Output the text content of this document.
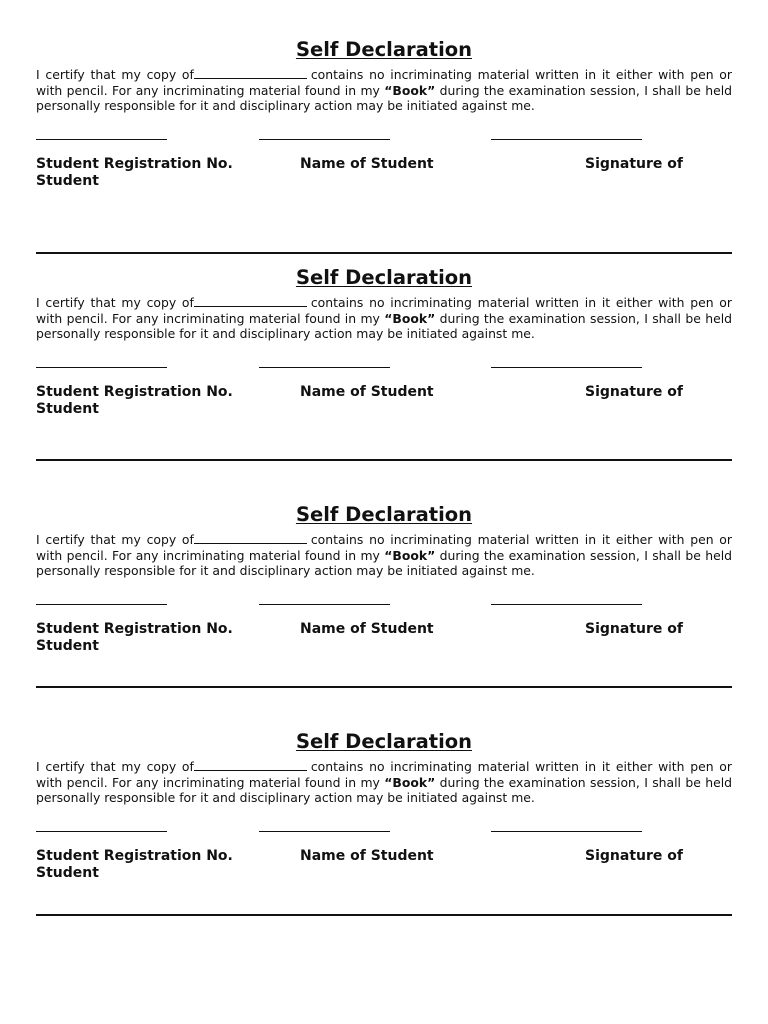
Self Declaration

I certify that my copy of	contains no incriminating material written in it either with pen or with pencil. For any incriminating material found in my “Book” during the examination session, I shall be held personally responsible for it and disciplinary action may be initiated against me.

Student Registration No.	Name of Student	Signature of
Student
Self Declaration

I certify that my copy of	contains no incriminating material written in it either with pen or with pencil. For any incriminating material found in my “Book” during the examination session, I shall be held personally responsible for it and disciplinary action may be initiated against me.

Student Registration No.	Name of Student	Signature of
Student
Self Declaration

I certify that my copy of	contains no incriminating material written in it either with pen or with pencil. For any incriminating material found in my “Book” during the examination session, I shall be held personally responsible for it and disciplinary action may be initiated against me.

Student Registration No.	Name of Student	Signature of
Student
Self Declaration

I certify that my copy of	contains no incriminating material written in it either with pen or with pencil. For any incriminating material found in my “Book” during the examination session, I shall be held personally responsible for it and disciplinary action may be initiated against me.

Student Registration No.	Name of Student	Signature of
Student
